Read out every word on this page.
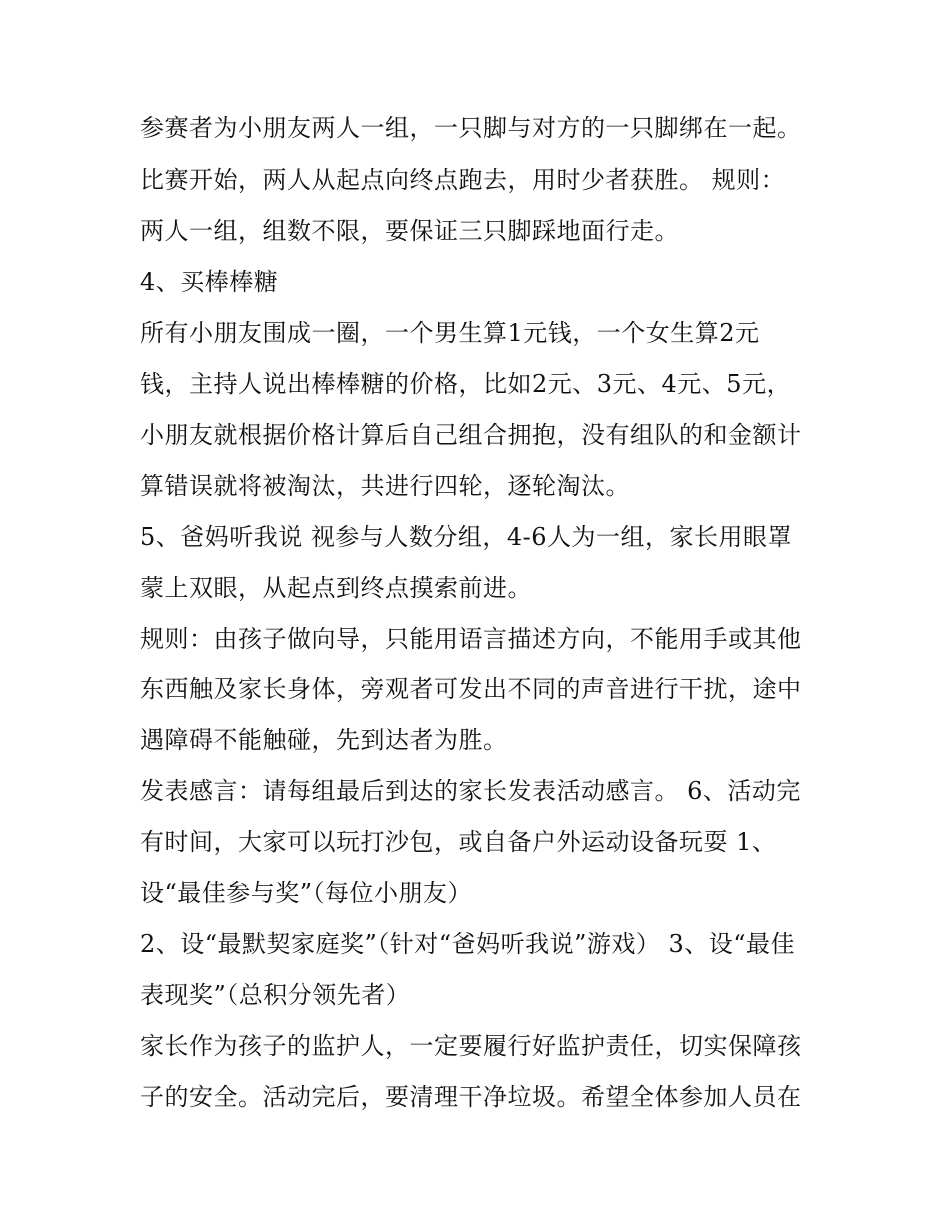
参赛者为小朋友两人一组，一只脚与对方的一只脚绑在一起。
比赛开始，两人从起点向终点跑去，用时少者获胜。 规则：
两人一组，组数不限，要保证三只脚踩地面行走。
4、买棒棒糖
所有小朋友围成一圈，一个男生算1元钱，一个女生算2元
钱，主持人说出棒棒糖的价格，比如2元、3元、4元、5元，
小朋友就根据价格计算后自己组合拥抱，没有组队的和金额计
算错误就将被淘汰，共进行四轮，逐轮淘汰。
5、爸妈听我说 视参与人数分组，4-6人为一组，家长用眼罩
蒙上双眼，从起点到终点摸索前进。
规则：由孩子做向导，只能用语言描述方向，不能用手或其他
东西触及家长身体，旁观者可发出不同的声音进行干扰，途中
遇障碍不能触碰，先到达者为胜。
发表感言：请每组最后到达的家长发表活动感言。 6、活动完
有时间，大家可以玩打沙包，或自备户外运动设备玩耍 1、
设“最佳参与奖”（每位小朋友）
2、设“最默契家庭奖”（针对“爸妈听我说”游戏） 3、设“最佳
表现奖”（总积分领先者）
家长作为孩子的监护人，一定要履行好监护责任，切实保障孩
子的安全。活动完后，要清理干净垃圾。希望全体参加人员在
